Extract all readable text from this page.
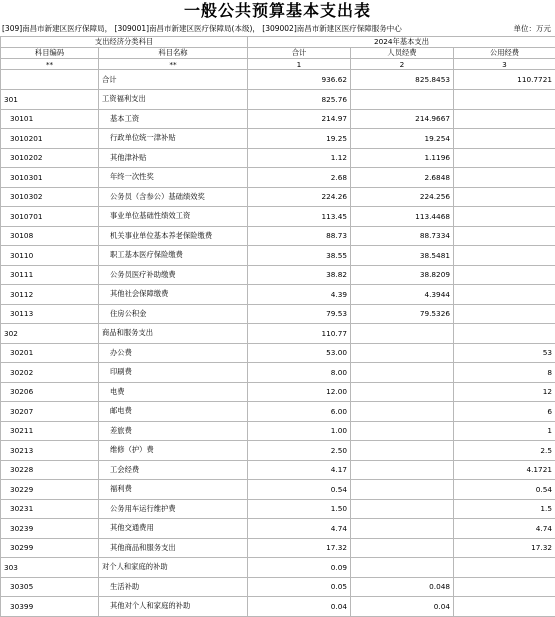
一般公共预算基本支出表
[309]南昌市新建区医疗保障局， [309001]南昌市新建区医疗保障局(本级)， [309002]南昌市新建区医疗保障服务中心	单位：万元
支出经济分类科目		2024年基本支出		
科目编码	科目名称	合计	人员经费	公用经费
**	**	1	2	3
	合计	936.62	825.8453	110.7721
301	工资福利支出	825.76		
30101	基本工资	214.97	214.9667	
3010201	行政单位统一津补贴	19.25	19.254	
3010202	其他津补贴	1.12	1.1196	
3010301	年终一次性奖	2.68	2.6848	
3010302	公务员（含参公）基础绩效奖	224.26	224.256	
3010701	事业单位基础性绩效工资	113.45	113.4468	
30108	机关事业单位基本养老保险缴费	88.73	88.7334	
30110	职工基本医疗保险缴费	38.55	38.5481	
30111	公务员医疗补助缴费	38.82	38.8209	
30112	其他社会保障缴费	4.39	4.3944	
30113	住房公积金	79.53	79.5326	
302	商品和服务支出	110.77		
30201	办公费	53.00		53
30202	印刷费	8.00		8
30206	电费	12.00		12
30207	邮电费	6.00		6
30211	差旅费	1.00		1
30213	维修（护）费	2.50		2.5
30228	工会经费	4.17		4.1721
30229	福利费	0.54		0.54
30231	公务用车运行维护费	1.50		1.5
30239	其他交通费用	4.74		4.74
30299	其他商品和服务支出	17.32		17.32
303	对个人和家庭的补助	0.09		
30305	生活补助	0.05	0.048	
30399	其他对个人和家庭的补助	0.04	0.04	
